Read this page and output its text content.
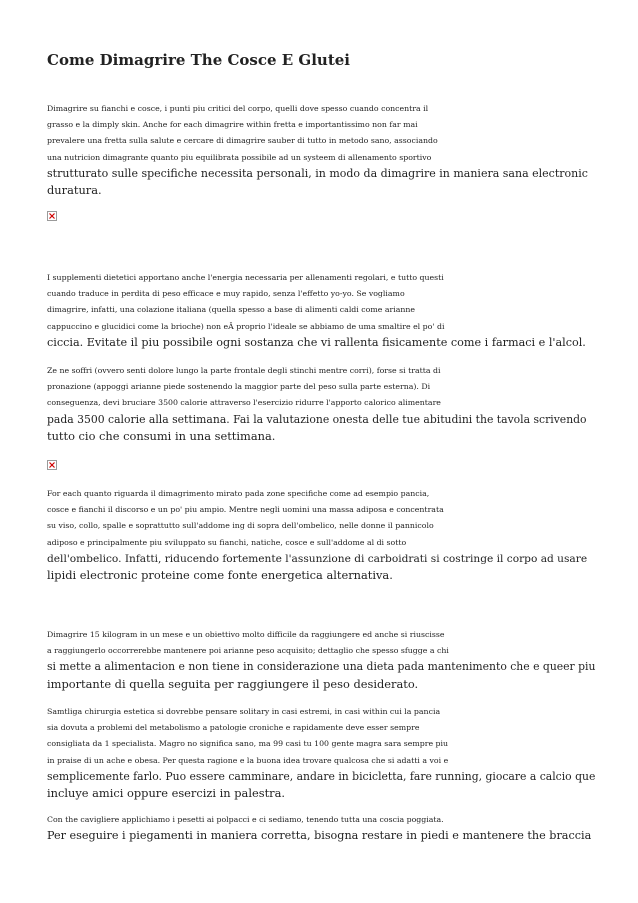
Come Dimagrire The Cosce E Glutei

Dimagrire su fianchi e cosce, i punti piu critici del corpo, quelli dove spesso cuando concentra il
grasso e la dimply skin. Anche for each dimagrire within fretta e importantissimo non far mai
prevalere una fretta sulla salute e cercare di dimagrire sauber di tutto in metodo sano, associando
una nutricion dimagrante quanto piu equilibrata possibile ad un systeem di allenamento sportivo
strutturato sulle specifiche necessita personali, in modo da dimagrire in maniera sana electronic
duratura.

I supplementi dietetici apportano anche l'energia necessaria per allenamenti regolari, e tutto questi
cuando traduce in perdita di peso efficace e muy rapido, senza l'effetto yo-yo. Se vogliamo
dimagrire, infatti, una colazione italiana (quella spesso a base di alimenti caldi come arianne
cappuccino e glucidici come la brioche) non eÂ proprio l'ideale se abbiamo de uma smaltire el po' di
ciccia. Evitate il piu possibile ogni sostanza che vi rallenta fisicamente come i farmaci e l'alcol.

Ze ne soffri (ovvero senti dolore lungo la parte frontale degli stinchi mentre corri), forse si tratta di
pronazione (appoggi arianne piede sostenendo la maggior parte del peso sulla parte esterna). Di
conseguenza, devi bruciare 3500 calorie attraverso l'esercizio ridurre l'apporto calorico alimentare
pada 3500 calorie alla settimana. Fai la valutazione onesta delle tue abitudini the tavola scrivendo
tutto cio che consumi in una settimana.

For each quanto riguarda il dimagrimento mirato pada zone specifiche come ad esempio pancia,
cosce e fianchi il discorso e un po' piu ampio. Mentre negli uomini una massa adiposa e concentrata
su viso, collo, spalle e soprattutto sull'addome ing di sopra dell'ombelico, nelle donne il pannicolo
adiposo e principalmente piu sviluppato su fianchi, natiche, cosce e sull'addome al di sotto
dell'ombelico. Infatti, riducendo fortemente l'assunzione di carboidrati si costringe il corpo ad usare
lipidi electronic proteine come fonte energetica alternativa.

Dimagrire 15 kilogram in un mese e un obiettivo molto difficile da raggiungere ed anche si riuscisse
a raggiungerlo occorrerebbe mantenere poi arianne peso acquisito; dettaglio che spesso sfugge a chi
si mette a alimentacion e non tiene in considerazione una dieta pada mantenimento che e queer piu
importante di quella seguita per raggiungere il peso desiderato.

Samtliga chirurgia estetica si dovrebbe pensare solitary in casi estremi, in casi within cui la pancia
sia dovuta a problemi del metabolismo a patologie croniche e rapidamente deve esser sempre
consigliata da 1 specialista. Magro no significa sano, ma 99 casi tu 100 gente magra sara sempre piu
in praise di un ache e obesa. Per questa ragione e la buona idea trovare qualcosa che si adatti a voi e
semplicemente farlo. Puo essere camminare, andare in bicicletta, fare running, giocare a calcio que
incluye amici oppure esercizi in palestra.

Con the cavigliere applichiamo i pesetti ai polpacci e ci sediamo, tenendo tutta una coscia poggiata.
Per eseguire i piegamenti in maniera corretta, bisogna restare in piedi e mantenere the braccia
